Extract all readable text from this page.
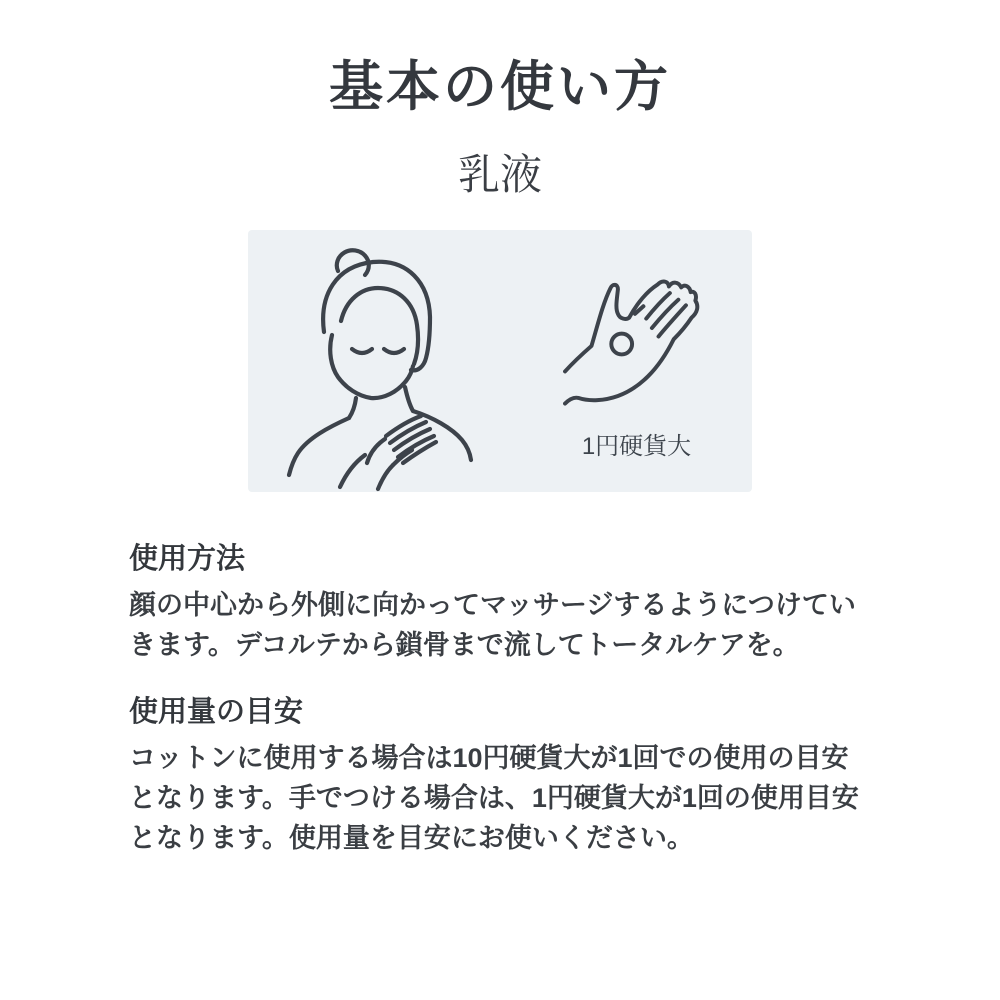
基本の使い方
乳液
1円硬貨大
使用方法

顔の中心から外側に向かってマッサージするようにつけていきます。デコルテから鎖骨まで流してトータルケアを。

使用量の目安

コットンに使用する場合は10円硬貨大が1回での使用の目安となります。手でつける場合は、1円硬貨大が1回の使用目安となります。使用量を目安にお使いください。
